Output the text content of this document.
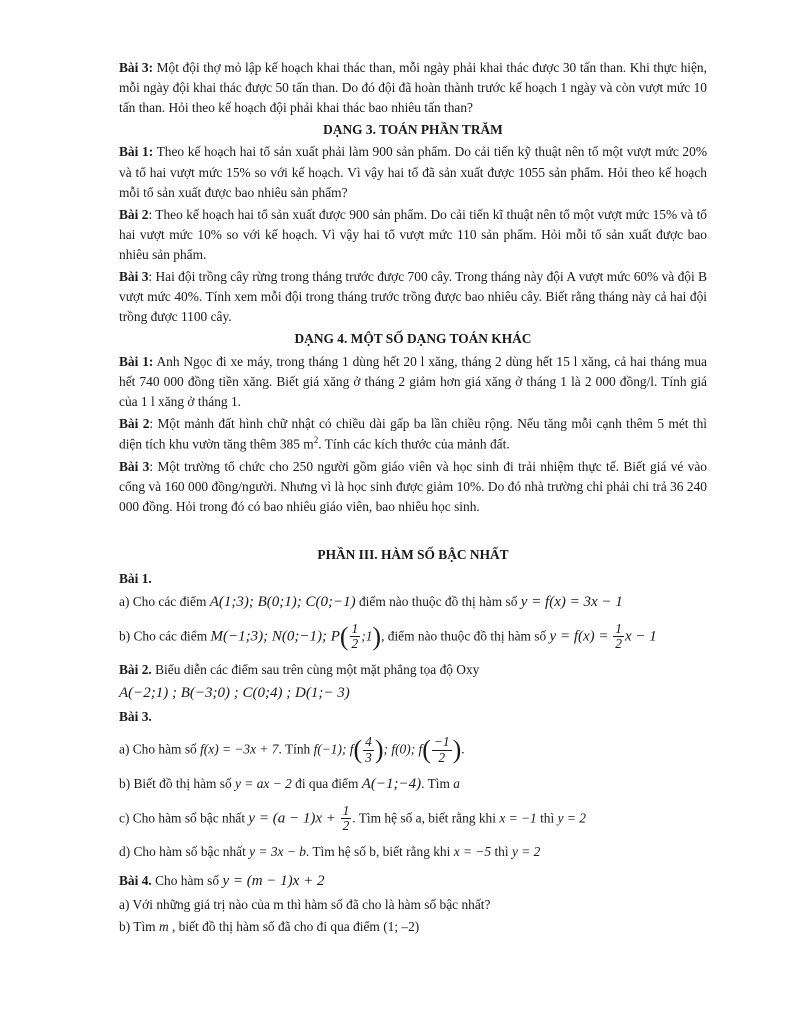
Bài 3: Một đội thợ mỏ lập kế hoạch khai thác than, mỗi ngày phải khai thác được 30 tấn than. Khi thực hiện, mỗi ngày đội khai thác được 50 tấn than. Do đó đội đã hoàn thành trước kế hoạch 1 ngày và còn vượt mức 10 tấn than. Hỏi theo kế hoạch đội phải khai thác bao nhiêu tấn than?

DẠNG 3. TOÁN PHẦN TRĂM

Bài 1: Theo kế hoạch hai tổ sản xuất phải làm 900 sản phẩm. Do cải tiến kỹ thuật nên tổ một vượt mức 20% và tổ hai vượt mức 15% so với kế hoạch. Vì vậy hai tổ đã sản xuất được 1055 sản phẩm. Hỏi theo kế hoạch mỗi tổ sản xuất được bao nhiêu sản phẩm?

Bài 2: Theo kế hoạch hai tổ sản xuất được 900 sản phẩm. Do cải tiến kĩ thuật nên tổ một vượt mức 15% và tổ hai vượt mức 10% so với kế hoạch. Vì vậy hai tổ vượt mức 110 sản phẩm. Hỏi mỗi tổ sản xuất được bao nhiêu sản phẩm.

Bài 3: Hai đội trồng cây rừng trong tháng trước được 700 cây. Trong tháng này đội A vượt mức 60% và đội B vượt mức 40%. Tính xem mỗi đội trong tháng trước trồng được bao nhiêu cây. Biết rằng tháng này cả hai đội trồng được 1100 cây.

DẠNG 4. MỘT SỐ DẠNG TOÁN KHÁC

Bài 1: Anh Ngọc đi xe máy, trong tháng 1 dùng hết 20 l xăng, tháng 2 dùng hết 15 l xăng, cả hai tháng mua hết 740 000 đồng tiền xăng. Biết giá xăng ở tháng 2 giảm hơn giá xăng ở tháng 1 là 2 000 đồng/l. Tính giá của 1 l xăng ở tháng 1.

Bài 2: Một mảnh đất hình chữ nhật có chiều dài gấp ba lần chiều rộng. Nếu tăng mỗi cạnh thêm 5 mét thì diện tích khu vườn tăng thêm 385 $m^2$. Tính các kích thước của mảnh đất.

Bài 3: Một trường tổ chức cho 250 người gồm giáo viên và học sinh đi trải nhiệm thực tế. Biết giá vé vào cổng và 160 000 đồng/người. Nhưng vì là học sinh được giảm 10%. Do đó nhà trường chỉ phải chi trả 36 240 000 đồng. Hỏi trong đó có bao nhiêu giáo viên, bao nhiêu học sinh.

PHẦN III. HÀM SỐ BẬC NHẤT
Bài 1.
a) Cho các điểm A(1;3); B(0;1); C(0;−1) điểm nào thuộc đồ thị hàm số y = f(x) = 3x − 1
b) Cho các điểm M(−1;3); N(0;−1); $P( \frac{1}{2}$ ;1), điểm nào thuộc đồ thị hàm số $y = f(x) = \frac{1}{2}$ x − 1
Bài 2. Biểu diễn các điểm sau trên cùng một mặt phẳng tọa độ Oxy
A(−2;1) ; B(−3;0) ; C(0;4) ; D(1;− 3)
Bài 3.
a) Cho hàm số f(x) = −3x + 7. Tính f(−1); $f( \frac{4}{3}$ ); f(0); $f( \frac{-1}{2}$ ).
b) Biết đồ thị hàm số y = ax − 2 đi qua điểm A(−1;−4). Tìm a
c) Cho hàm số bậc nhất $y = (a - 1)x + \frac{1}{2}$ . Tìm hệ số a, biết rằng khi x = −1 thì y = 2
d) Cho hàm số bậc nhất y = 3x − b. Tìm hệ số b, biết rằng khi x = −5 thì y = 2
Bài 4. Cho hàm số y = (m − 1)x + 2
a) Với những giá trị nào của m thì hàm số đã cho là hàm số bậc nhất?
b) Tìm m , biết đồ thị hàm số đã cho đi qua điểm (1; –2)
